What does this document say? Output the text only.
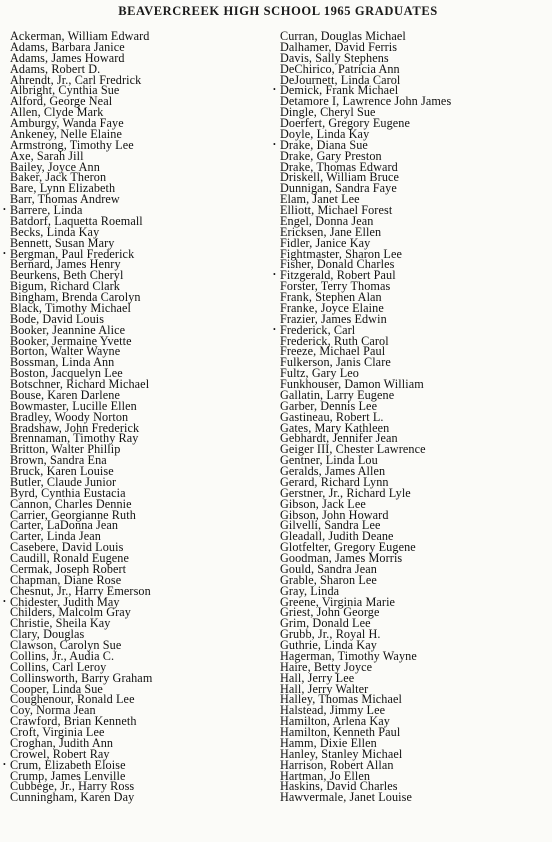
BEAVERCREEK HIGH SCHOOL 1965 GRADUATES
Ackerman, William Edward
Adams, Barbara Janice
Adams, James Howard
Adams, Robert D.
Ahrendt, Jr., Carl Fredrick
Albright, Cynthia Sue
Alford, George Neal
Allen, Clyde Mark
Amburgy, Wanda Faye
Ankeney, Nelle Elaine
Armstrong, Timothy Lee
Axe, Sarah Jill
Bailey, Joyce Ann
Baker, Jack Theron
Bare, Lynn Elizabeth
Barr, Thomas Andrew
• Barrere, Linda
Batdorf, Laquetta Roemall
Becks, Linda Kay
Bennett, Susan Mary
• Bergman, Paul Frederick
Bernard, James Henry
Beurkens, Beth Cheryl
Bigum, Richard Clark
Bingham, Brenda Carolyn
Black, Timothy Michael
Bode, David Louis
Booker, Jeannine Alice
Booker, Jermaine Yvette
Borton, Walter Wayne
Bossman, Linda Ann
Boston, Jacquelyn Lee
Botschner, Richard Michael
Bouse, Karen Darlene
Bowmaster, Lucille Ellen
Bradley, Woody Norton
Bradshaw, John Frederick
Brennaman, Timothy Ray
Britton, Walter Phillip
Brown, Sandra Ena
Bruck, Karen Louise
Butler, Claude Junior
Byrd, Cynthia Eustacia
Cannon, Charles Dennie
Carrier, Georgianne Ruth
Carter, LaDonna Jean
Carter, Linda Jean
Casebere, David Louis
Caudill, Ronald Eugene
Cermak, Joseph Robert
Chapman, Diane Rose
Chesnut, Jr., Harry Emerson
• Chidester, Judith May
Childers, Malcolm Gray
Christie, Sheila Kay
Clary, Douglas
Clawson, Carolyn Sue
Collins, Jr., Audia C.
Collins, Carl Leroy
Collinsworth, Barry Graham
Cooper, Linda Sue
Coughenour, Ronald Lee
Coy, Norma Jean
Crawford, Brian Kenneth
Croft, Virginia Lee
Croghan, Judith Ann
Crowel, Robert Ray
• Crum, Elizabeth Eloise
Crump, James Lenville
Cubbege, Jr., Harry Ross
Cunningham, Karen Day
Curran, Douglas Michael
Dalhamer, David Ferris
Davis, Sally Stephens
DeChirico, Patricia Ann
DeJournett, Linda Carol
• Demick, Frank Michael
Detamore I, Lawrence John James
Dingle, Cheryl Sue
Doerfert, Gregory Eugene
Doyle, Linda Kay
• Drake, Diana Sue
Drake, Gary Preston
Drake, Thomas Edward
Driskell, William Bruce
Dunnigan, Sandra Faye
Elam, Janet Lee
Elliott, Michael Forest
Engel, Donna Jean
Ericksen, Jane Ellen
Fidler, Janice Kay
Fightmaster, Sharon Lee
Fisher, Donald Charles
• Fitzgerald, Robert Paul
Forster, Terry Thomas
Frank, Stephen Alan
Franke, Joyce Elaine
Frazier, James Edwin
• Frederick, Carl
Frederick, Ruth Carol
Freeze, Michael Paul
Fulkerson, Janis Clare
Fultz, Gary Leo
Funkhouser, Damon William
Gallatin, Larry Eugene
Garber, Dennis Lee
Gastineau, Robert L.
Gates, Mary Kathleen
Gebhardt, Jennifer Jean
Geiger III, Chester Lawrence
Gentner, Linda Lou
Geralds, James Allen
Gerard, Richard Lynn
Gerstner, Jr., Richard Lyle
Gibson, Jack Lee
Gibson, John Howard
Gilvelli, Sandra Lee
Gleadall, Judith Deane
Glotfelter, Gregory Eugene
Goodman, James Morris
Gould, Sandra Jean
Grable, Sharon Lee
Gray, Linda
Greene, Virginia Marie
Griest, John George
Grim, Donald Lee
Grubb, Jr., Royal H.
Guthrie, Linda Kay
Hagerman, Timothy Wayne
Haire, Betty Joyce
Hall, Jerry Lee
Hall, Jerry Walter
Halley, Thomas Michael
Halstead, Jimmy Lee
Hamilton, Arlena Kay
Hamilton, Kenneth Paul
Hamm, Dixie Ellen
Hanley, Stanley Michael
Harrison, Robert Allan
Hartman, Jo Ellen
Haskins, David Charles
Hawvermale, Janet Louise
